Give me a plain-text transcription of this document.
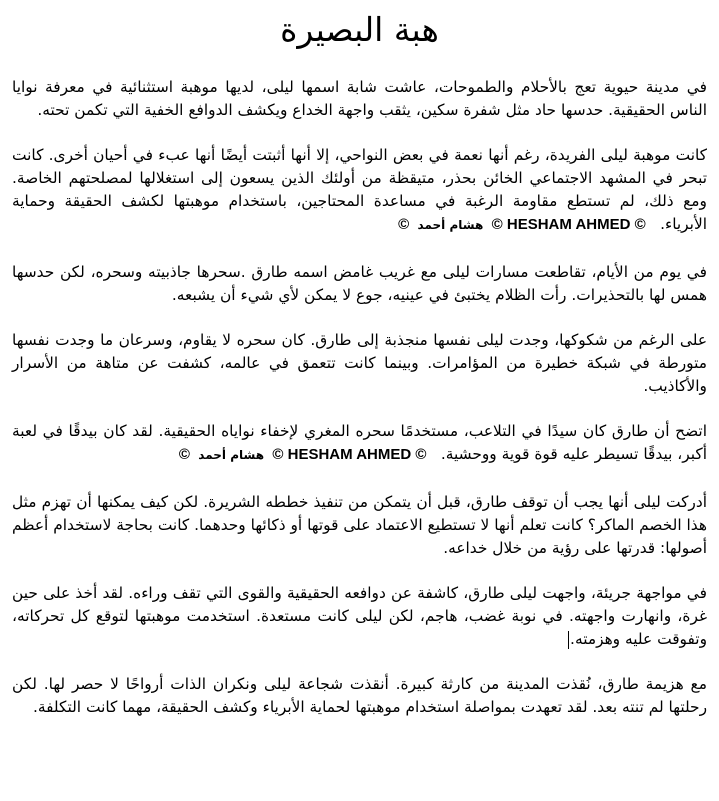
هبة البصيرة

في مدينة حيوية تعج بالأحلام والطموحات، عاشت شابة اسمها ليلى، لديها موهبة استثنائية في معرفة نوايا الناس الحقيقية. حدسها حاد مثل شفرة سكين، يثقب واجهة الخداع ويكشف الدوافع الخفية التي تكمن تحته.

كانت موهبة ليلى الفريدة، رغم أنها نعمة في بعض النواحي، إلا أنها أثبتت أيضًا أنها عبء في أحيان أخرى. كانت تبحر في المشهد الاجتماعي الخائن بحذر، متيقظة من أولئك الذين يسعون إلى استغلالها لمصلحتهم الخاصة. ومع ذلك، لم تستطع مقاومة الرغبة في مساعدة المحتاجين، باستخدام موهبتها لكشف الحقيقة وحماية الأبرياء.  © HESHAM AHMED ©  هشام أحمد  ©

في يوم من الأيام، تقاطعت مسارات ليلى مع غريب غامض اسمه طارق .سحرها جاذبيته وسحره، لكن حدسها همس لها بالتحذيرات. رأت الظلام يختبئ في عينيه، جوع لا يمكن لأي شيء أن يشبعه.

على الرغم من شكوكها، وجدت ليلى نفسها منجذبة إلى طارق. كان سحره لا يقاوم، وسرعان ما وجدت نفسها متورطة في شبكة خطيرة من المؤامرات. وبينما كانت تتعمق في عالمه، كشفت عن متاهة من الأسرار والأكاذيب.

اتضح أن طارق كان سيدًا في التلاعب، مستخدمًا سحره المغري لإخفاء نواياه الحقيقية. لقد كان بيدقًا في لعبة أكبر، بيدقًا تسيطر عليه قوة قوية ووحشية.  © HESHAM AHMED ©  هشام أحمد  ©

أدركت ليلى أنها يجب أن توقف طارق، قبل أن يتمكن من تنفيذ خططه الشريرة. لكن كيف يمكنها أن تهزم مثل هذا الخصم الماكر؟ كانت تعلم أنها لا تستطيع الاعتماد على قوتها أو ذكائها وحدهما. كانت بحاجة لاستخدام أعظم أصولها: قدرتها على رؤية من خلال خداعه.

في مواجهة جريئة، واجهت ليلى طارق، كاشفة عن دوافعه الحقيقية والقوى التي تقف وراءه. لقد أخذ على حين غرة، وانهارت واجهته. في نوبة غضب، هاجم، لكن ليلى كانت مستعدة. استخدمت موهبتها لتوقع كل تحركاته، وتفوقت عليه وهزمته.

مع هزيمة طارق، نُقذت المدينة من كارثة كبيرة. أنقذت شجاعة ليلى ونكران الذات أرواحًا لا حصر لها. لكن رحلتها لم تنته بعد. لقد تعهدت بمواصلة استخدام موهبتها لحماية الأبرياء وكشف الحقيقة، مهما كانت التكلفة.
